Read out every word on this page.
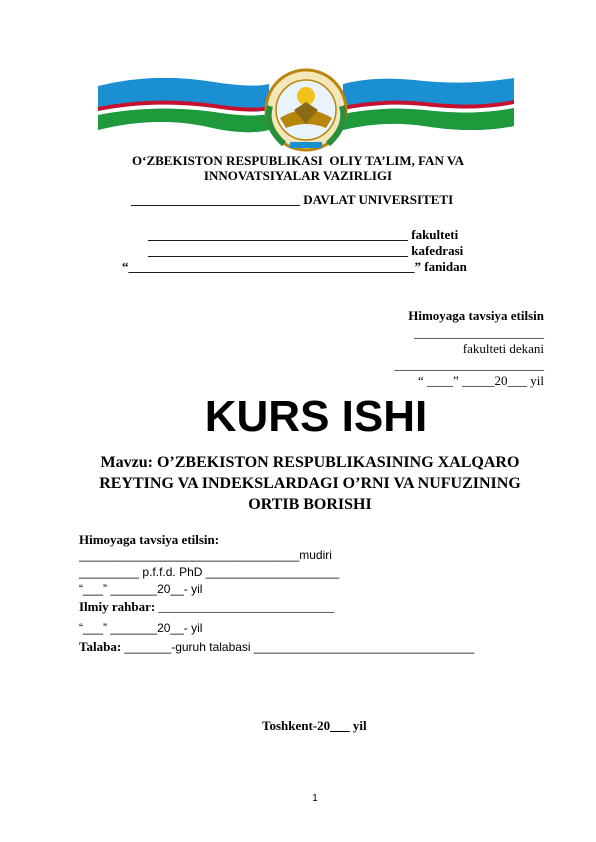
O‘ZBEKISTON RESPUBLIKASI  OLIY TA’LIM, FAN VA
INNOVATSIYALAR VAZIRLIGI
__________________________ DAVLAT UNIVERSITETI
________________________________________ fakulteti
________________________________________ kafedrasi
“____________________________________________” fanidan
Himoyaga tavsiya etilsin
____________________
fakulteti dekani
_______________________
“ ____” _____20___ yil
KURS ISHI
Mavzu: O’ZBEKISTON RESPUBLIKASINING XALQARO
REYTING VA INDEKSLARDAGI O’RNI VA NUFUZINING
ORTIB BORISHI
Himoyaga tavsiya etilsin:
_________________________________mudiri
_________ p.f.f.d. PhD ____________________
“___” _______20__- yil
Ilmiy rahbar: ___________________________
“___” _______20__- yil
Talaba: _______-guruh talabasi _________________________________
Toshkent-20___ yil
1
